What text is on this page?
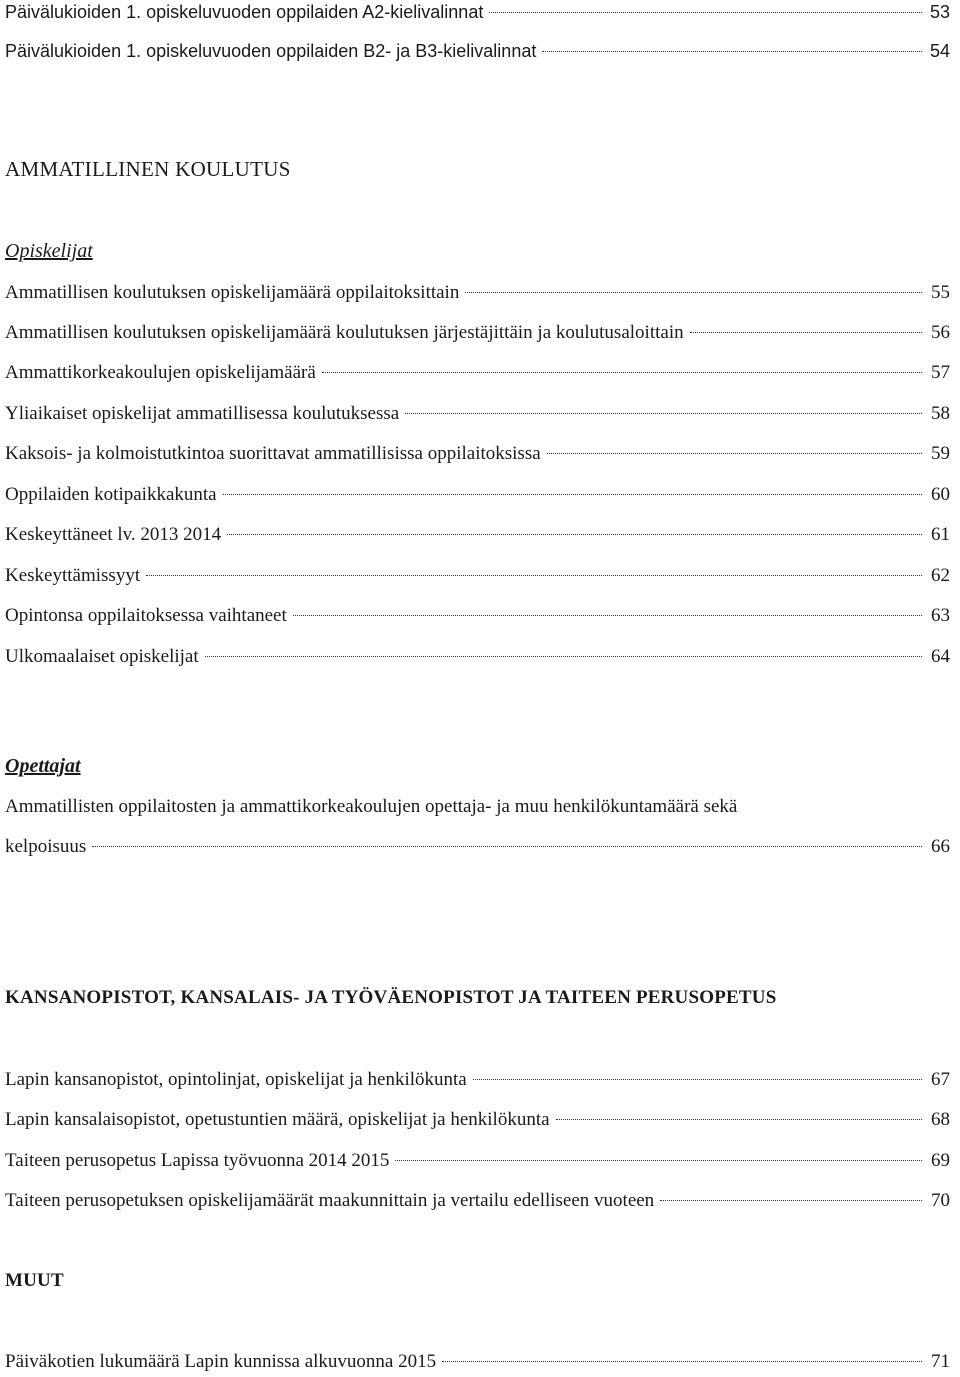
Päivälukioiden 1. opiskeluvuoden oppilaiden A2-kielivalinnat	53
Päivälukioiden 1. opiskeluvuoden oppilaiden B2- ja B3-kielivalinnat	54
AMMATILLINEN KOULUTUS
Opiskelijat
Ammatillisen koulutuksen opiskelijamäärä oppilaitoksittain	55
Ammatillisen koulutuksen opiskelijamäärä koulutuksen järjestäjittäin ja koulutusaloittain	56
Ammattikorkeakoulujen opiskelijamäärä	57
Yliaikaiset opiskelijat ammatillisessa koulutuksessa	58
Kaksois- ja kolmoistutkintoa suorittavat ammatillisissa oppilaitoksissa	59
Oppilaiden kotipaikkakunta	60
Keskeyttäneet lv. 2013 2014	61
Keskeyttämissyyt	62
Opintonsa oppilaitoksessa vaihtaneet	63
Ulkomaalaiset opiskelijat	64
Opettajat
Ammatillisten oppilaitosten ja ammattikorkeakoulujen opettaja- ja muu henkilökuntamäärä sekä
kelpoisuus	66
KANSANOPISTOT, KANSALAIS- JA TYÖVÄENOPISTOT JA TAITEEN PERUSOPETUS
Lapin kansanopistot, opintolinjat, opiskelijat ja henkilökunta	67
Lapin kansalaisopistot, opetustuntien määrä, opiskelijat ja henkilökunta	68
Taiteen perusopetus Lapissa työvuonna 2014 2015	69
Taiteen perusopetuksen opiskelijamäärät maakunnittain ja vertailu edelliseen vuoteen	70
MUUT
Päiväkotien lukumäärä Lapin kunnissa alkuvuonna 2015	71
